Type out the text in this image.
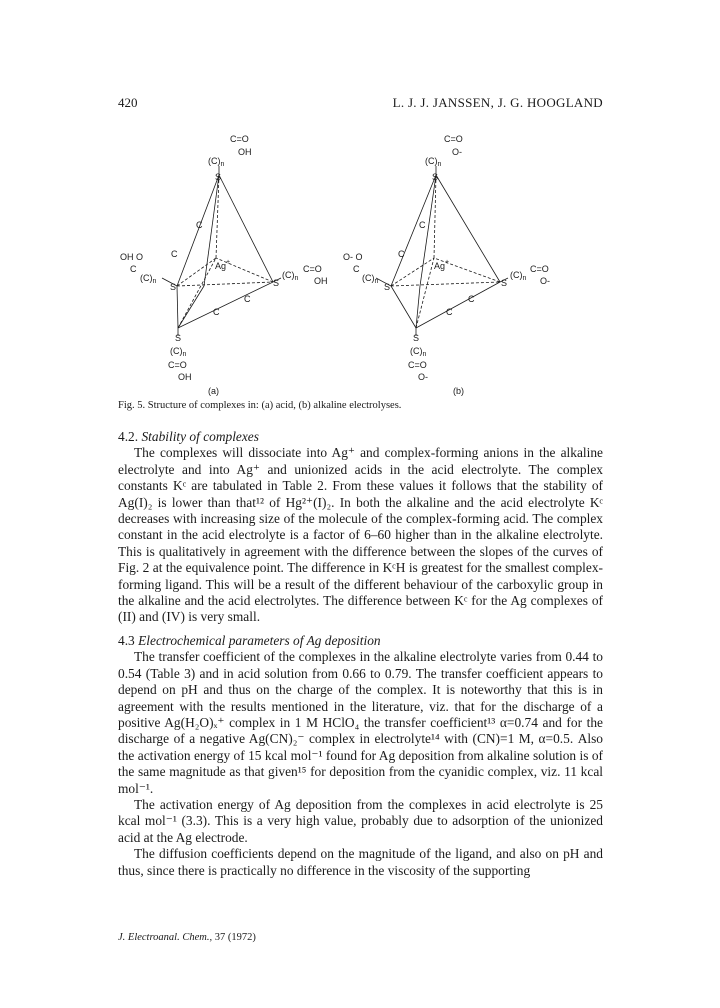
420	L. J. J. JANSSEN, J. G. HOOGLAND
C=O
OH
$(C)_n$
S
C
C
Ag+
OH O
C
$(C)_n$
S	S
$(C)_n$
C=O
OH
C
C
S
$(C)_n$
C=O
OH
(a)
C=O
O-
$(C)_n$
S
C
C
Ag+
O- O
C
$(C)_n$
S	S
$(C)_n$
C=O
O-
C
C
S
$(C)_n$
C=O
O-
(b)
Fig. 5. Structure of complexes in: (a) acid, (b) alkaline electrolyses.
4.2. Stability of complexes

The complexes will dissociate into Ag⁺ and complex-forming anions in the alkaline electrolyte and into Ag⁺ and unionized acids in the acid electrolyte. The complex constants Kᶜ are tabulated in Table 2. From these values it follows that the stability of Ag(I)₂ is lower than that¹² of Hg²⁺(I)₂. In both the alkaline and the acid electrolyte Kᶜ decreases with increasing size of the molecule of the complex-forming acid. The complex constant in the acid electrolyte is a factor of 6–60 higher than in the alkaline electrolyte. This is qualitatively in agreement with the difference between the slopes of the curves of Fig. 2 at the equivalence point. The difference in KᶜH is greatest for the smallest complex-forming ligand. This will be a result of the different behaviour of the carboxylic group in the alkaline and the acid electrolytes. The difference between Kᶜ for the Ag complexes of (II) and (IV) is very small.

4.3 Electrochemical parameters of Ag deposition

The transfer coefficient of the complexes in the alkaline electrolyte varies from 0.44 to 0.54 (Table 3) and in acid solution from 0.66 to 0.79. The transfer coefficient appears to depend on pH and thus on the charge of the complex. It is noteworthy that this is in agreement with the results mentioned in the literature, viz. that for the discharge of a positive Ag(H₂O)ₓ⁺ complex in 1 M HClO₄ the transfer coefficient¹³ α=0.74 and for the discharge of a negative Ag(CN)₂⁻ complex in electrolyte¹⁴ with (CN)=1 M, α=0.5. Also the activation energy of 15 kcal mol⁻¹ found for Ag deposition from alkaline solution is of the same magnitude as that given¹⁵ for deposition from the cyanidic complex, viz. 11 kcal mol⁻¹.

The activation energy of Ag deposition from the complexes in acid electrolyte is 25 kcal mol⁻¹ (3.3). This is a very high value, probably due to adsorption of the unionized acid at the Ag electrode.

The diffusion coefficients depend on the magnitude of the ligand, and also on pH and thus, since there is practically no difference in the viscosity of the supporting

J. Electroanal. Chem., 37 (1972)
